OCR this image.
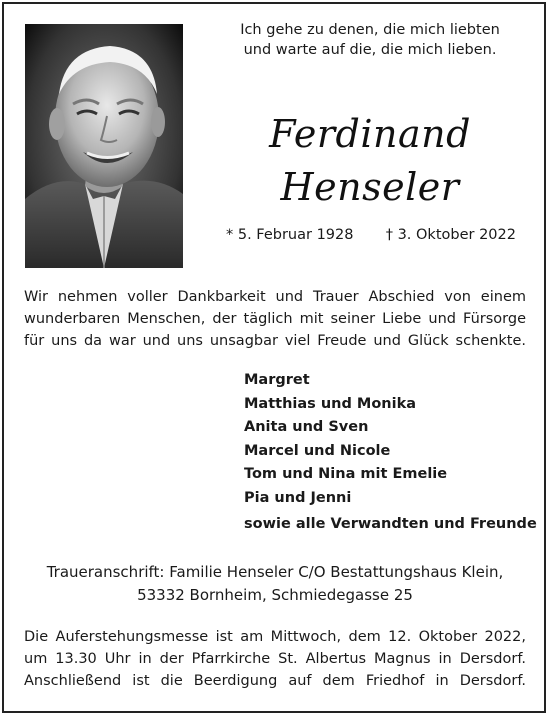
Ich gehe zu denen, die mich liebten
und warte auf die, die mich lieben.
Ferdinand
Henseler
* 5. Februar 1928 † 3. Oktober 2022
Wir nehmen voller Dankbarkeit und Trauer Abschied von einem
wunderbaren Menschen, der täglich mit seiner Liebe und Fürsorge
für uns da war und uns unsagbar viel Freude und Glück schenkte.
Margret
Matthias und Monika
Anita und Sven
Marcel und Nicole
Tom und Nina mit Emelie
Pia und Jenni
sowie alle Verwandten und Freunde
Traueranschrift: Familie Henseler C/O Bestattungshaus Klein,
53332 Bornheim, Schmiedegasse 25
Die Auferstehungsmesse ist am Mittwoch, dem 12. Oktober 2022,
um 13.30 Uhr in der Pfarrkirche St. Albertus Magnus in Dersdorf.
Anschließend ist die Beerdigung auf dem Friedhof in Dersdorf.
